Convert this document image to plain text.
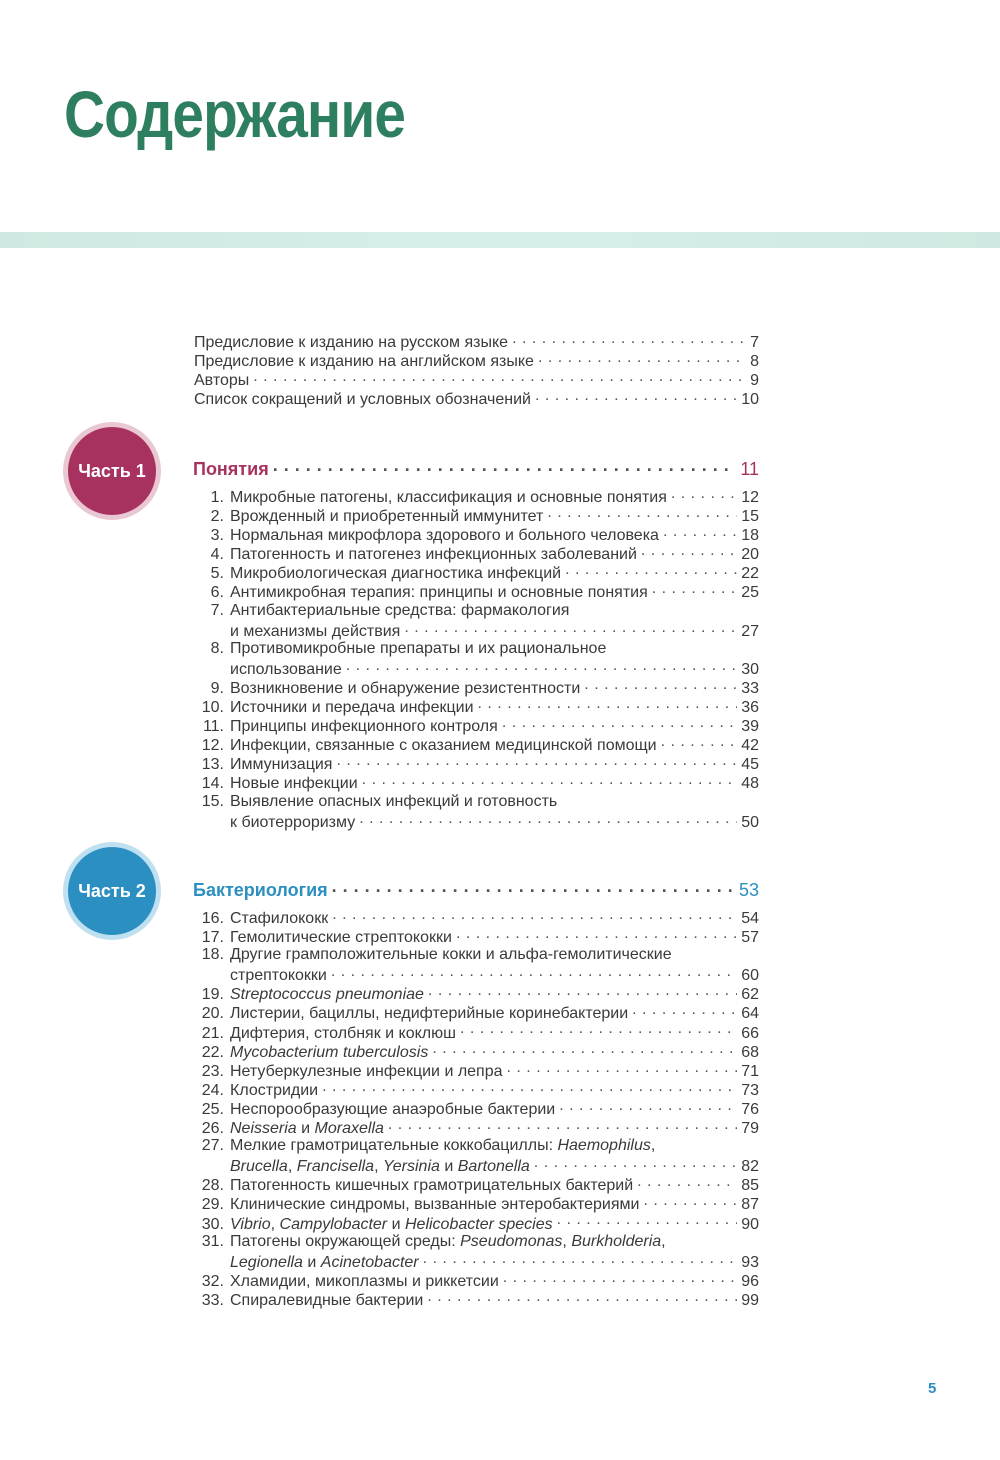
Содержание
Предисловие к изданию на русском языке . . .	7
Предисловие к изданию на английском языке . . .	8
Авторы . . .	9
Список сокращений и условных обозначений . . .	10
Часть 1	Понятия . . .	11
1. Микробные патогены, классификация и основные понятия . . .	12
2. Врожденный и приобретенный иммунитет . . .	15
3. Нормальная микрофлора здорового и больного человека . . .	18
4. Патогенность и патогенез инфекционных заболеваний . . .	20
5. Микробиологическая диагностика инфекций . . .	22
6. Антимикробная терапия: принципы и основные понятия . . .	25
7. Антибактериальные средства: фармакология
и механизмы действия . . .	27
8. Противомикробные препараты и их рациональное
использование . . .	30
9. Возникновение и обнаружение резистентности . . .	33
10. Источники и передача инфекции . . .	36
11. Принципы инфекционного контроля . . .	39
12. Инфекции, связанные с оказанием медицинской помощи . . .	42
13. Иммунизация . . .	45
14. Новые инфекции . . .	48
15. Выявление опасных инфекций и готовность
к биотерроризму . . .	50
Часть 2	Бактериология . . .	53
16. Стафилококк . . .	54
17. Гемолитические стрептококки . . .	57
18. Другие грамположительные кокки и альфа-гемолитические
стрептококки . . .	60
19. Streptococcus pneumoniae . . .	62
20. Листерии, бациллы, недифтерийные коринебактерии . . .	64
21. Дифтерия, столбняк и коклюш . . .	66
22. Mycobacterium tuberculosis . . .	68
23. Нетуберкулезные инфекции и лепра . . .	71
24. Клостридии . . .	73
25. Неспорообразующие анаэробные бактерии . . .	76
26. Neisseria и Moraxella . . .	79
27. Мелкие грамотрицательные коккобациллы: Haemophilus,
Brucella, Francisella, Yersinia и Bartonella . . .	82
28. Патогенность кишечных грамотрицательных бактерий . . .	85
29. Клинические синдромы, вызванные энтеробактериями . . .	87
30. Vibrio, Campylobacter и Helicobacter species . . .	90
31. Патогены окружающей среды: Pseudomonas, Burkholderia,
Legionella и Acinetobacter . . .	93
32. Хламидии, микоплазмы и риккетсии . . .	96
33. Спиралевидные бактерии . . .	99
5
